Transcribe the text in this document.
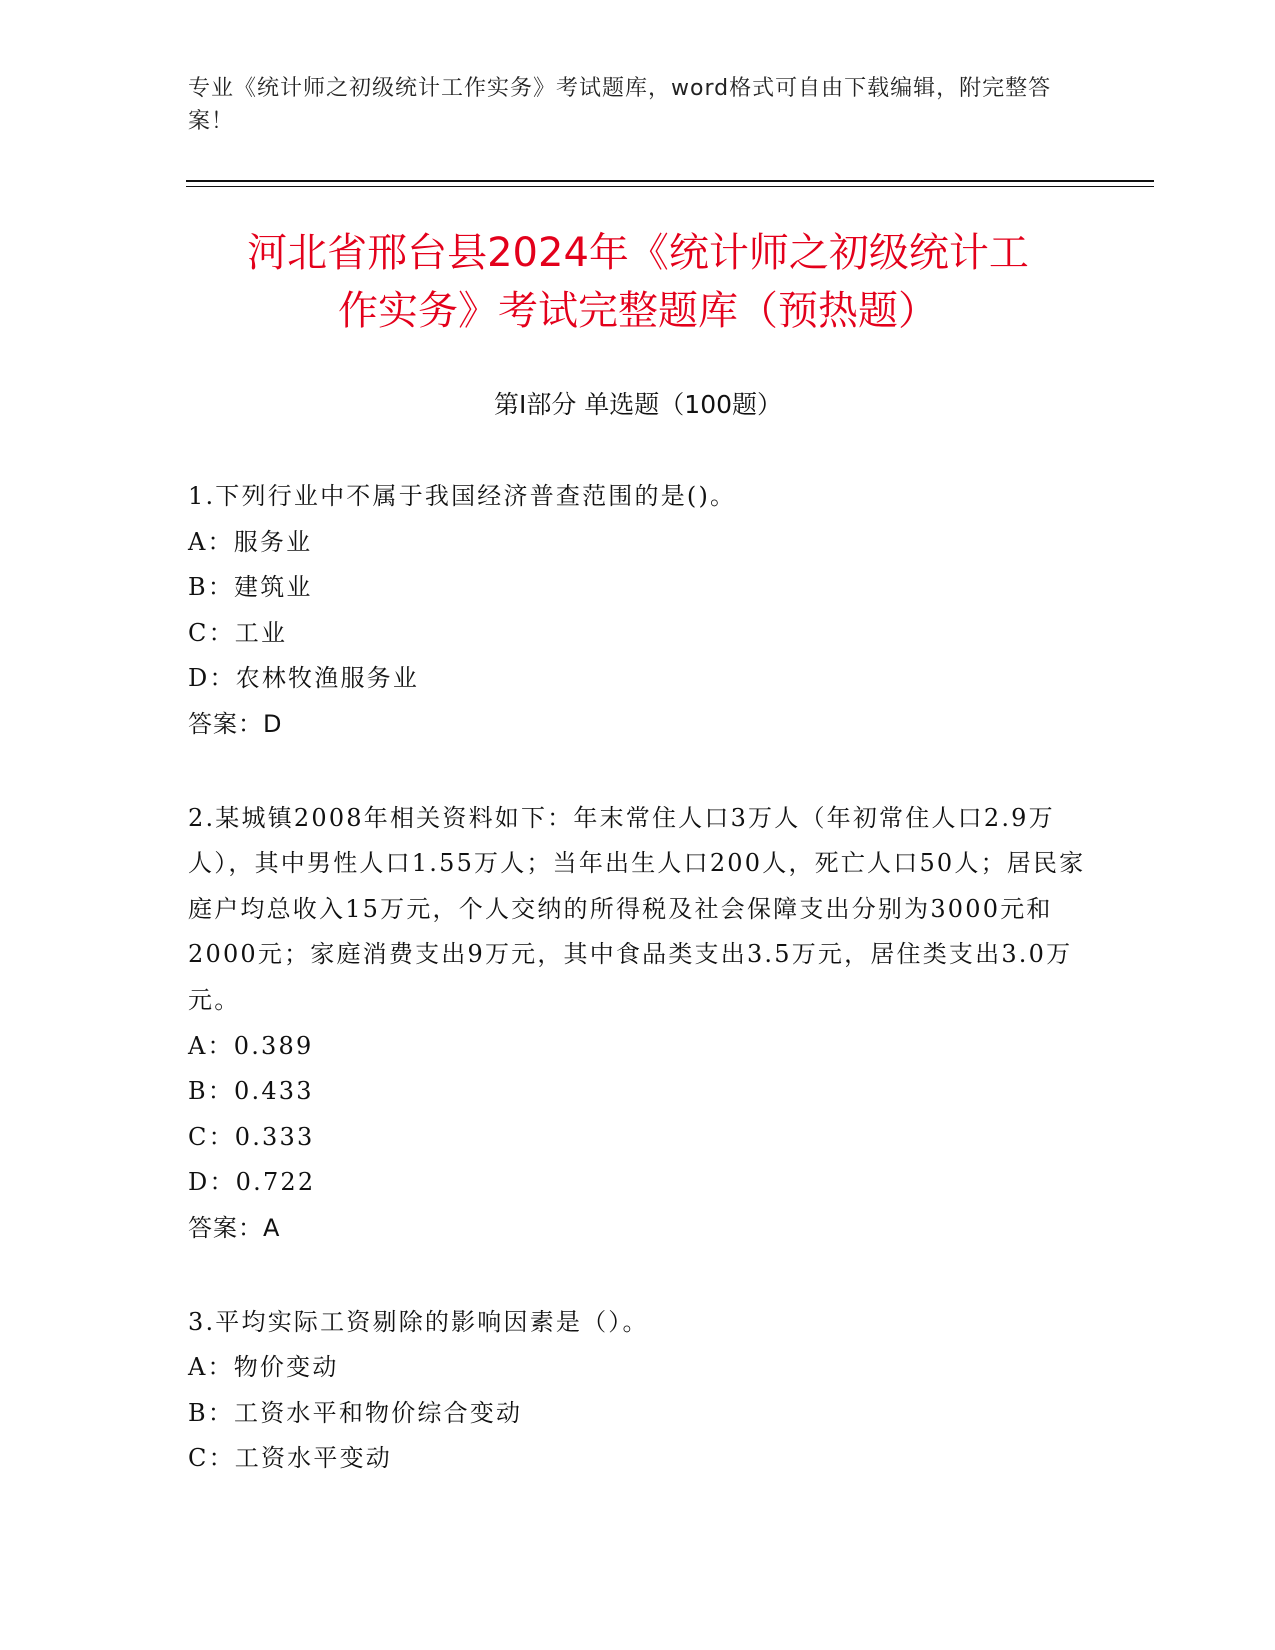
专业《统计师之初级统计工作实务》考试题库，word格式可自由下载编辑，附完整答案！
河北省邢台县2024年《统计师之初级统计工
作实务》考试完整题库（预热题）
第Ⅰ部分 单选题（100题）

1.下列行业中不属于我国经济普查范围的是()。

A：服务业

B：建筑业

C：工业

D：农林牧渔服务业

答案：D

2.某城镇2008年相关资料如下：年末常住人口3万人（年初常住人口2.9万人），其中男性人口1.55万人；当年出生人口200人，死亡人口50人；居民家庭户均总收入15万元，个人交纳的所得税及社会保障支出分别为3000元和2000元；家庭消费支出9万元，其中食品类支出3.5万元，居住类支出3.0万元。

A：0.389

B：0.433

C：0.333

D：0.722

答案：A

3.平均实际工资剔除的影响因素是（）。

A：物价变动

B：工资水平和物价综合变动

C：工资水平变动
